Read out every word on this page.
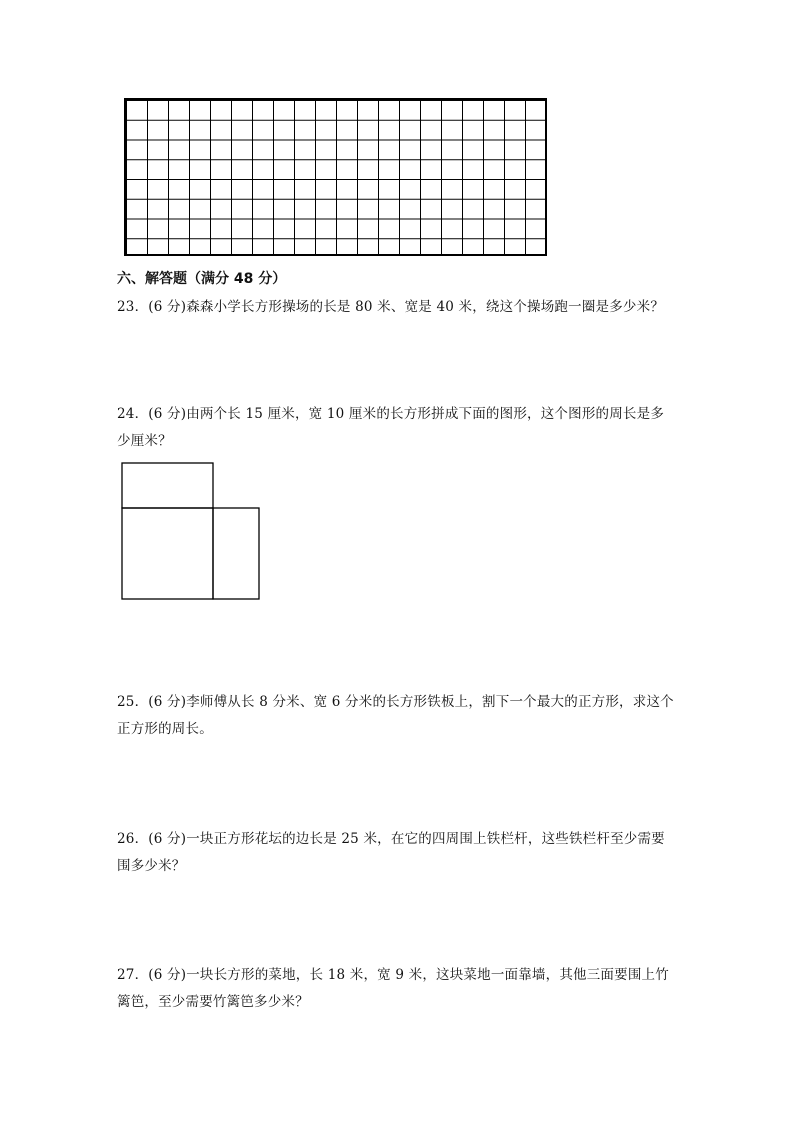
六、解答题（满分 48 分）
23．(6 分)森森小学长方形操场的长是 80 米、宽是 40 米，绕这个操场跑一圈是多少米？
24．(6 分)由两个长 15 厘米，宽 10 厘米的长方形拼成下面的图形，这个图形的周长是多少厘米？
25．(6 分)李师傅从长 8 分米、宽 6 分米的长方形铁板上，割下一个最大的正方形，求这个正方形的周长。
26．(6 分)一块正方形花坛的边长是 25 米，在它的四周围上铁栏杆，这些铁栏杆至少需要围多少米？
27．(6 分)一块长方形的菜地，长 18 米，宽 9 米，这块菜地一面靠墙，其他三面要围上竹篱笆，至少需要竹篱笆多少米？
